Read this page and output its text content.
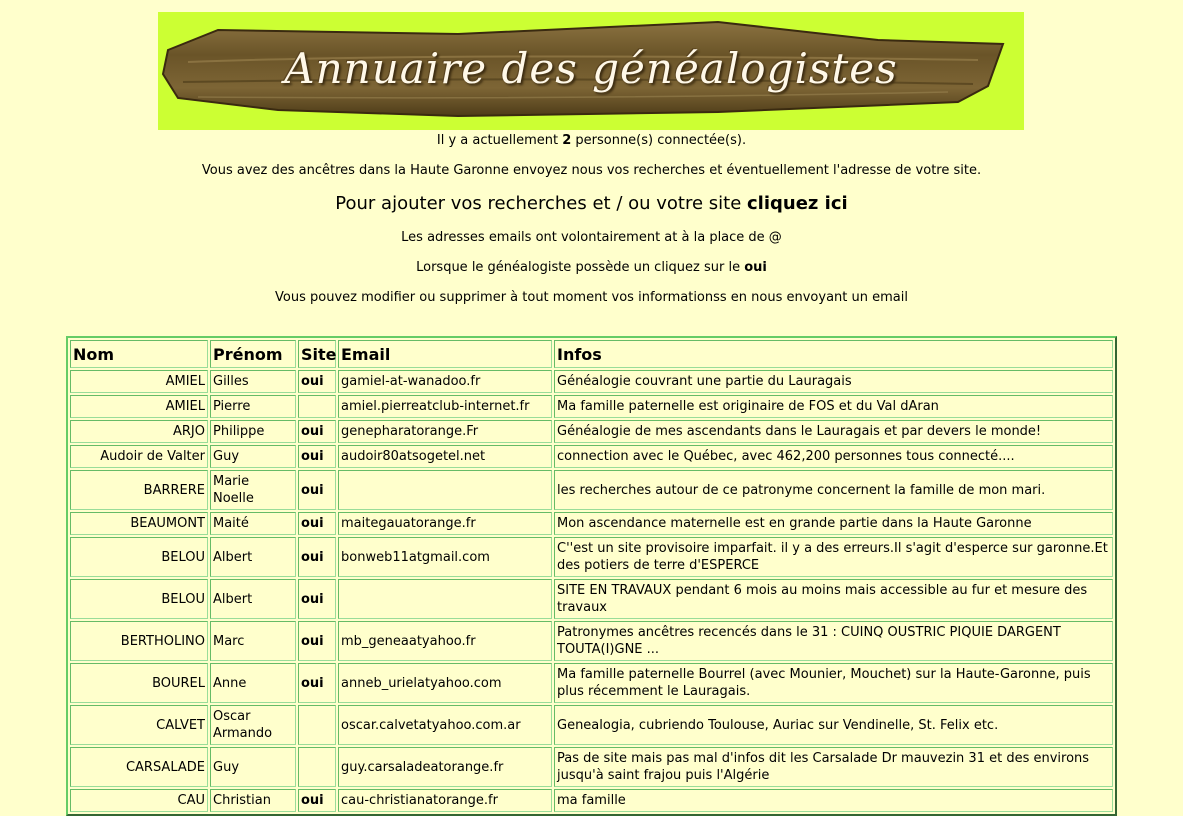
Annuaire des généalogistes
Il y a actuellement 2 personne(s) connectée(s).
Vous avez des ancêtres dans la Haute Garonne envoyez nous vos recherches et éventuellement l'adresse de votre site.
Pour ajouter vos recherches et / ou votre site cliquez ici
Les adresses emails ont volontairement at à la place de @
Lorsque le généalogiste possède un cliquez sur le oui
Vous pouvez modifier ou supprimer à tout moment vos informationss en nous envoyant un email
Nom	Prénom	Site	Email	Infos
AMIEL	Gilles	oui	gamiel-at-wanadoo.fr	Généalogie couvrant une partie du Lauragais
AMIEL	Pierre		amiel.pierreatclub-internet.fr	Ma famille paternelle est originaire de FOS et du Val dAran
ARJO	Philippe	oui	genepharatorange.Fr	Généalogie de mes ascendants dans le Lauragais et par devers le monde!
Audoir de Valter	Guy	oui	audoir80atsogetel.net	connection avec le Québec, avec 462,200 personnes tous connecté....
BARRERE	Marie Noelle	oui		les recherches autour de ce patronyme concernent la famille de mon mari.
BEAUMONT	Maité	oui	maitegauatorange.fr	Mon ascendance maternelle est en grande partie dans la Haute Garonne
BELOU	Albert	oui	bonweb11atgmail.com	C''est un site provisoire imparfait. il y a des erreurs.Il s'agit d'esperce sur garonne.Et des potiers de terre d'ESPERCE
BELOU	Albert	oui		SITE EN TRAVAUX pendant 6 mois au moins mais accessible au fur et mesure des travaux
BERTHOLINO	Marc	oui	mb_geneaatyahoo.fr	Patronymes ancêtres recencés dans le 31 : CUINQ OUSTRIC PIQUIE DARGENT TOUTA(I)GNE ...
BOUREL	Anne	oui	anneb_urielatyahoo.com	Ma famille paternelle Bourrel (avec Mounier, Mouchet) sur la Haute-Garonne, puis plus récemment le Lauragais.
CALVET	Oscar Armando		oscar.calvetatyahoo.com.ar	Genealogia, cubriendo Toulouse, Auriac sur Vendinelle, St. Felix etc.
CARSALADE	Guy		guy.carsaladeatorange.fr	Pas de site mais pas mal d'infos dit les Carsalade Dr mauvezin 31 et des environs jusqu'à saint frajou puis l'Algérie
CAU	Christian	oui	cau-christianatorange.fr	ma famille
